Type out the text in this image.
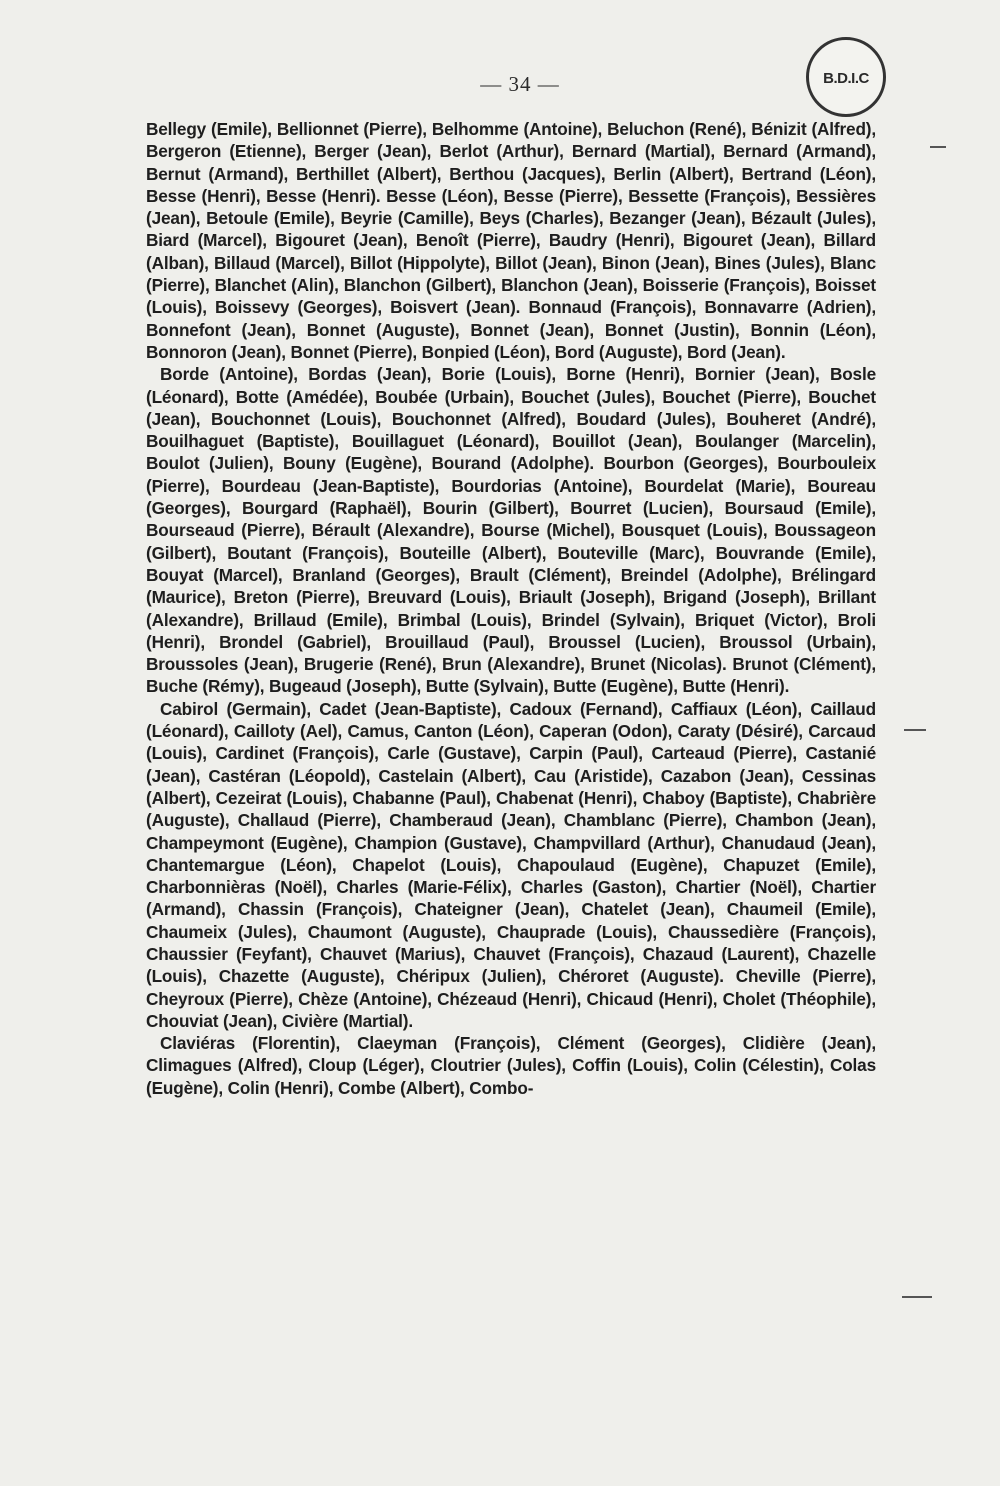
— 34 —	B.D.I.C

Bellegy (Emile), Bellionnet (Pierre), Belhomme (Antoine), Beluchon (René), Bénizit (Alfred), Bergeron (Etienne), Berger (Jean), Berlot (Arthur), Bernard (Martial), Bernard (Armand), Bernut (Armand), Berthillet (Albert), Berthou (Jacques), Berlin (Albert), Bertrand (Léon), Besse (Henri), Besse (Henri). Besse (Léon), Besse (Pierre), Bessette (François), Bessières (Jean), Betoule (Emile), Beyrie (Camille), Beys (Charles), Bezanger (Jean), Bézault (Jules), Biard (Marcel), Bigouret (Jean), Benoît (Pierre), Baudry (Henri), Bigouret (Jean), Billard (Alban), Billaud (Marcel), Billot (Hippolyte), Billot (Jean), Binon (Jean), Bines (Jules), Blanc (Pierre), Blanchet (Alin), Blanchon (Gilbert), Blanchon (Jean), Boisserie (François), Boisset (Louis), Boissevy (Georges), Boisvert (Jean). Bonnaud (François), Bonnavarre (Adrien), Bonnefont (Jean), Bonnet (Auguste), Bonnet (Jean), Bonnet (Justin), Bonnin (Léon), Bonnoron (Jean), Bonnet (Pierre), Bonpied (Léon), Bord (Auguste), Bord (Jean).

Borde (Antoine), Bordas (Jean), Borie (Louis), Borne (Henri), Bornier (Jean), Bosle (Léonard), Botte (Amédée), Boubée (Urbain), Bouchet (Jules), Bouchet (Pierre), Bouchet (Jean), Bouchonnet (Louis), Bouchonnet (Alfred), Boudard (Jules), Bouheret (André), Bouilhaguet (Baptiste), Bouillaguet (Léonard), Bouillot (Jean), Boulanger (Marcelin), Boulot (Julien), Bouny (Eugène), Bourand (Adolphe). Bourbon (Georges), Bourbouleix (Pierre), Bourdeau (Jean-Baptiste), Bourdorias (Antoine), Bourdelat (Marie), Boureau (Georges), Bourgard (Raphaël), Bourin (Gilbert), Bourret (Lucien), Boursaud (Emile), Bourseaud (Pierre), Bérault (Alexandre), Bourse (Michel), Bousquet (Louis), Boussageon (Gilbert), Boutant (François), Bouteille (Albert), Bouteville (Marc), Bouvrande (Emile), Bouyat (Marcel), Branland (Georges), Brault (Clément), Breindel (Adolphe), Brélingard (Maurice), Breton (Pierre), Breuvard (Louis), Briault (Joseph), Brigand (Joseph), Brillant (Alexandre), Brillaud (Emile), Brimbal (Louis), Brindel (Sylvain), Briquet (Victor), Broli (Henri), Brondel (Gabriel), Brouillaud (Paul), Broussel (Lucien), Broussol (Urbain), Broussoles (Jean), Brugerie (René), Brun (Alexandre), Brunet (Nicolas). Brunot (Clément), Buche (Rémy), Bugeaud (Joseph), Butte (Sylvain), Butte (Eugène), Butte (Henri).

Cabirol (Germain), Cadet (Jean-Baptiste), Cadoux (Fernand), Caffiaux (Léon), Caillaud (Léonard), Cailloty (Ael), Camus, Canton (Léon), Caperan (Odon), Caraty (Désiré), Carcaud (Louis), Cardinet (François), Carle (Gustave), Carpin (Paul), Carteaud (Pierre), Castanié (Jean), Castéran (Léopold), Castelain (Albert), Cau (Aristide), Cazabon (Jean), Cessinas (Albert), Cezeirat (Louis), Chabanne (Paul), Chabenat (Henri), Chaboy (Baptiste), Chabrière (Auguste), Challaud (Pierre), Chamberaud (Jean), Chamblanc (Pierre), Chambon (Jean), Champeymont (Eugène), Champion (Gustave), Champvillard (Arthur), Chanudaud (Jean), Chantemargue (Léon), Chapelot (Louis), Chapoulaud (Eugène), Chapuzet (Emile), Charbonnièras (Noël), Charles (Marie-Félix), Charles (Gaston), Chartier (Noël), Chartier (Armand), Chassin (François), Chateigner (Jean), Chatelet (Jean), Chaumeil (Emile), Chaumeix (Jules), Chaumont (Auguste), Chauprade (Louis), Chaussedière (François), Chaussier (Feyfant), Chauvet (Marius), Chauvet (François), Chazaud (Laurent), Chazelle (Louis), Chazette (Auguste), Chéripux (Julien), Chéroret (Auguste). Cheville (Pierre), Cheyroux (Pierre), Chèze (Antoine), Chézeaud (Henri), Chicaud (Henri), Cholet (Théophile), Chouviat (Jean), Civière (Martial).

Claviéras (Florentin), Claeyman (François), Clément (Georges), Clidière (Jean), Climagues (Alfred), Cloup (Léger), Cloutrier (Jules), Coffin (Louis), Colin (Célestin), Colas (Eugène), Colin (Henri), Combe (Albert), Combo-
